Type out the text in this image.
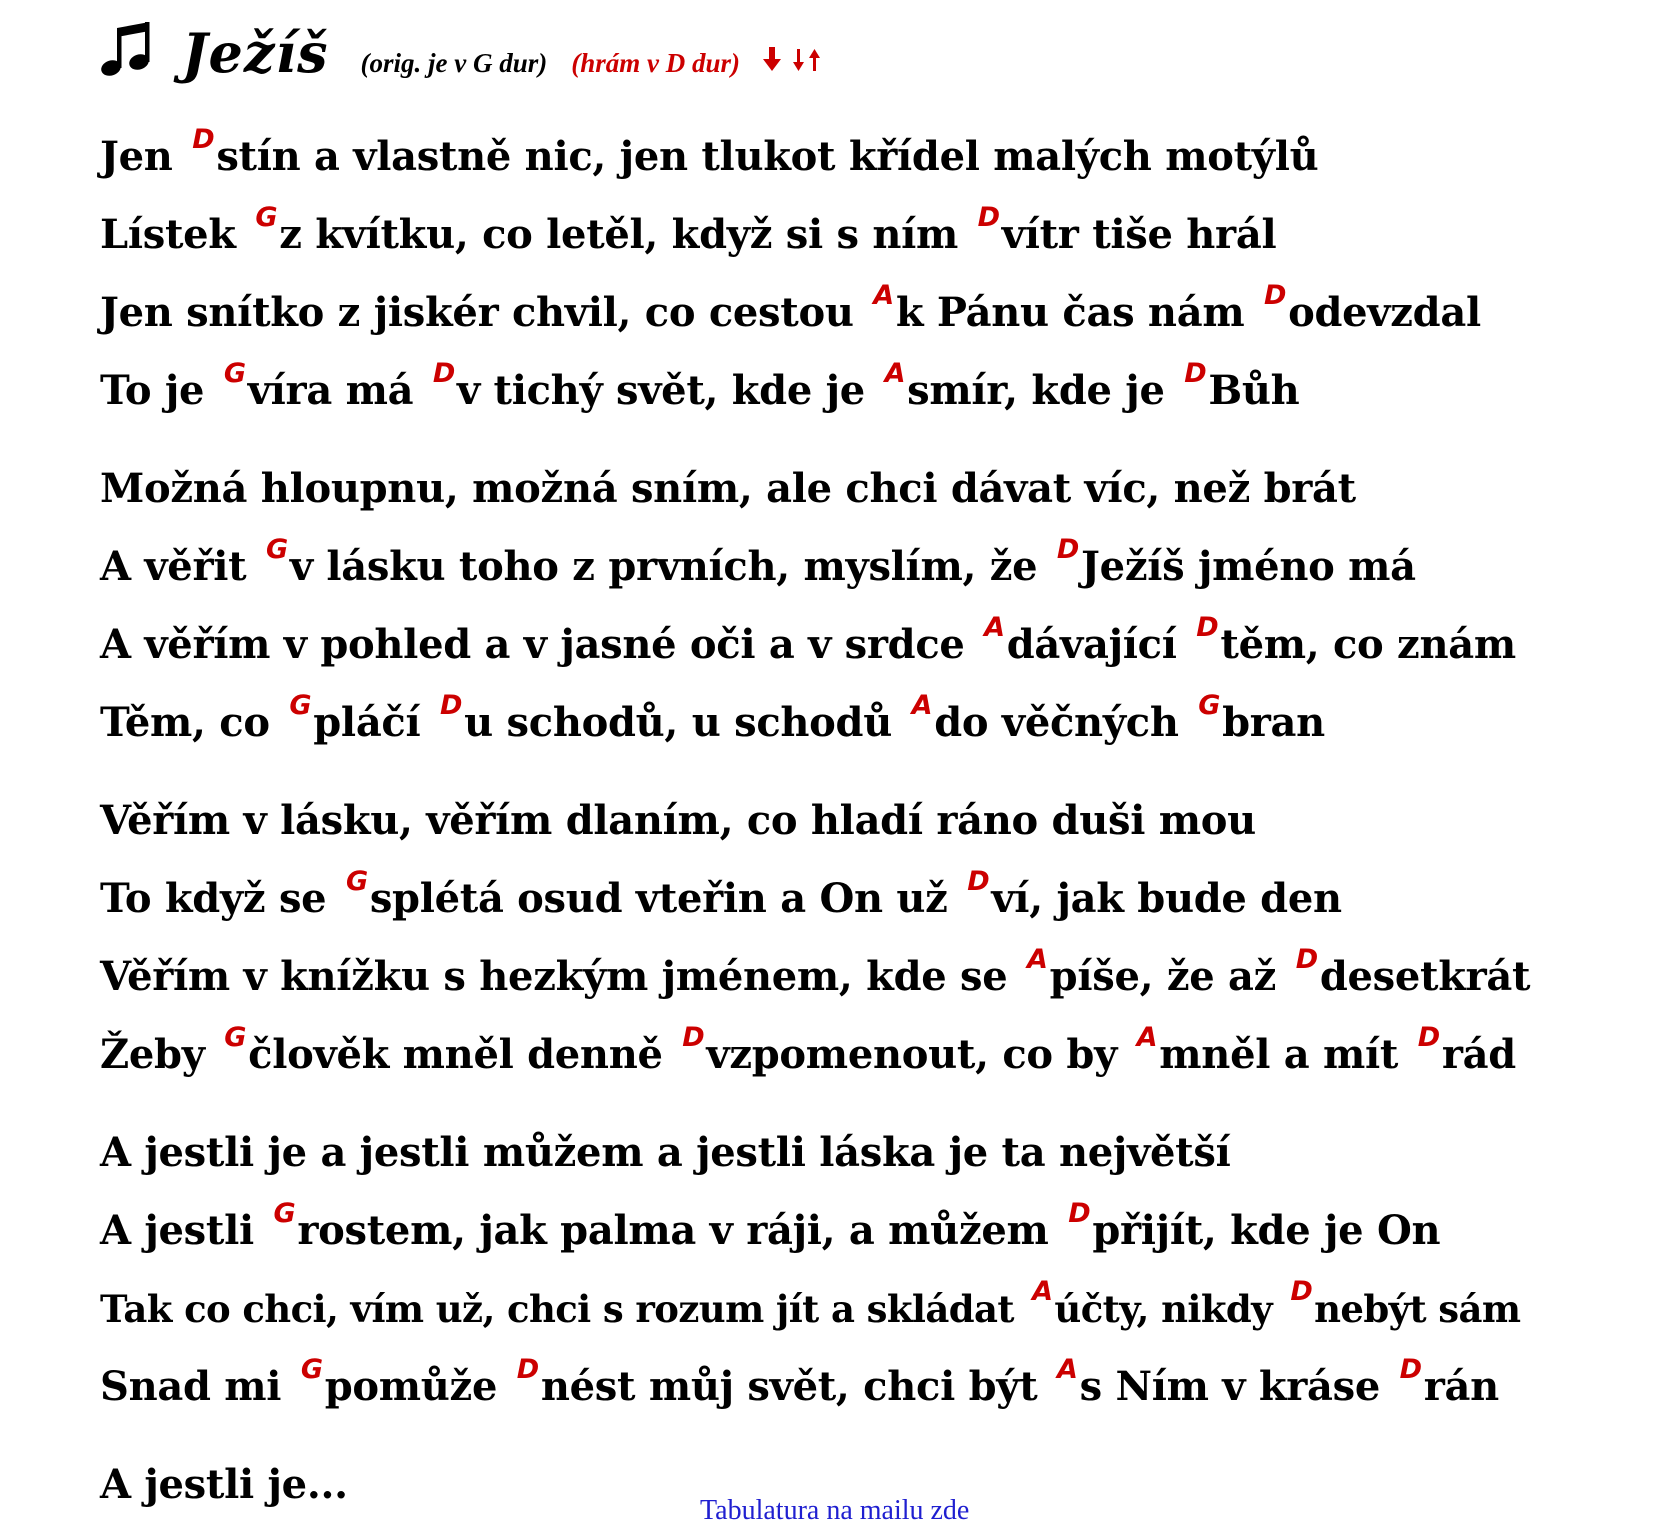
Ježíš (orig. je v G dur) (hrám v D dur)
Jen $^D$stín a vlastně nic, jen tlukot křídel malých motýlů
Lístek $^G$z kvítku, co letěl, když si s ním $^D$vítr tiše hrál
Jen snítko z jiskér chvil, co cestou $^A$k Pánu čas nám $^D$odevzdal
To je $^G$víra má $^D$v tichý svět, kde je $^A$smír, kde je $^D$Bůh
Možná hloupnu, možná sním, ale chci dávat víc, než brát
A věřit $^G$v lásku toho z prvních, myslím, že $^D$Ježíš jméno má
A věřím v pohled a v jasné oči a v srdce $^A$dávající $^D$těm, co znám
Těm, co $^G$pláčí $^D$u schodů, u schodů $^A$do věčných $^G$bran
Věřím v lásku, věřím dlaním, co hladí ráno duši mou
To když se $^G$splétá osud vteřin a On už $^D$ví, jak bude den
Věřím v knížku s hezkým jménem, kde se $^A$píše, že až $^D$desetkrát
Žeby $^G$člověk mněl denně $^D$vzpomenout, co by $^A$mněl a mít $^D$rád
A jestli je a jestli můžem a jestli láska je ta největší
A jestli $^G$rostem, jak palma v ráji, a můžem $^D$přijít, kde je On
Tak co chci, vím už, chci s rozum jít a skládat $^A$účty, nikdy $^D$nebýt sám
Snad mi $^G$pomůže $^D$nést můj svět, chci být $^A$s Ním v kráse $^D$rán
A jestli je...
Tabulatura na mailu zde
